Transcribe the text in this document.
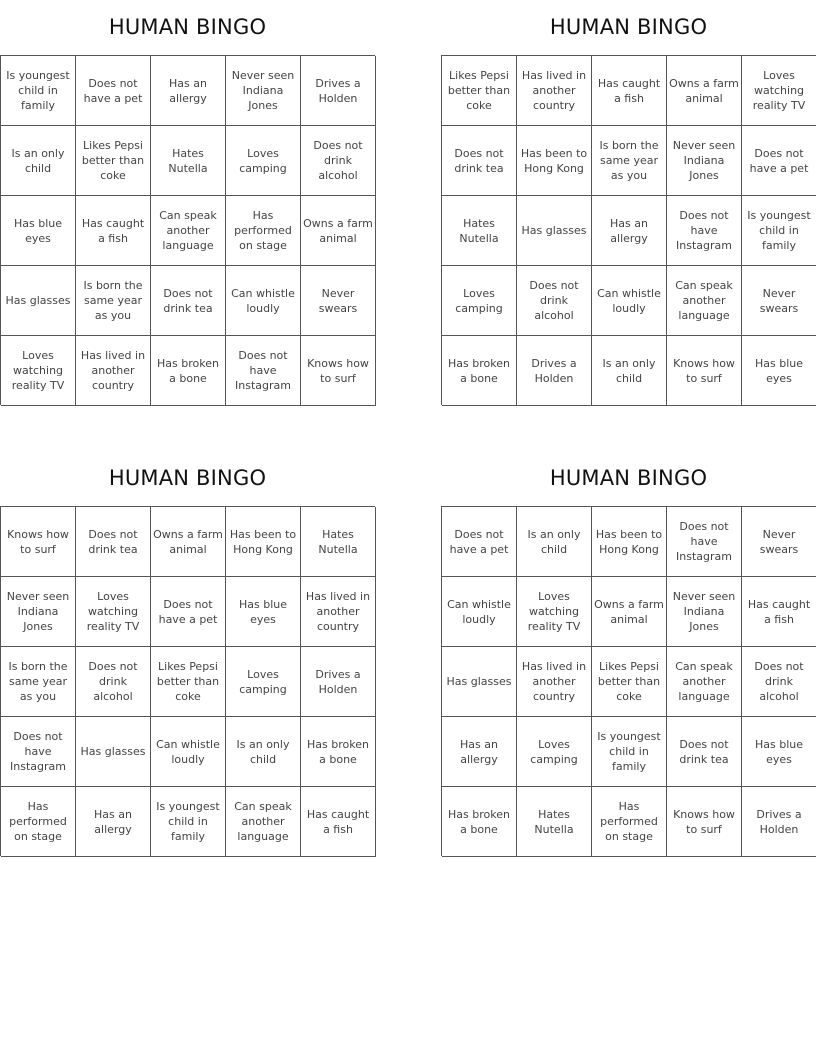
HUMAN BINGO
Is youngest child in family
Does not have a pet
Has an allergy
Never seen Indiana Jones
Drives a Holden
Is an only child
Likes Pepsi better than coke
Hates Nutella
Loves camping
Does not drink alcohol
Has blue eyes
Has caught a fish
Can speak another language
Has performed on stage
Owns a farm animal
Has glasses
Is born the same year as you
Does not drink tea
Can whistle loudly
Never swears
Loves watching reality TV
Has lived in another country
Has broken a bone
Does not have Instagram
Knows how to surf
HUMAN BINGO
Likes Pepsi better than coke
Has lived in another country
Has caught a fish
Owns a farm animal
Loves watching reality TV
Does not drink tea
Has been to Hong Kong
Is born the same year as you
Never seen Indiana Jones
Does not have a pet
Hates Nutella
Has glasses
Has an allergy
Does not have Instagram
Is youngest child in family
Loves camping
Does not drink alcohol
Can whistle loudly
Can speak another language
Never swears
Has broken a bone
Drives a Holden
Is an only child
Knows how to surf
Has blue eyes
HUMAN BINGO
Knows how to surf
Does not drink tea
Owns a farm animal
Has been to Hong Kong
Hates Nutella
Never seen Indiana Jones
Loves watching reality TV
Does not have a pet
Has blue eyes
Has lived in another country
Is born the same year as you
Does not drink alcohol
Likes Pepsi better than coke
Loves camping
Drives a Holden
Does not have Instagram
Has glasses
Can whistle loudly
Is an only child
Has broken a bone
Has performed on stage
Has an allergy
Is youngest child in family
Can speak another language
Has caught a fish
HUMAN BINGO
Does not have a pet
Is an only child
Has been to Hong Kong
Does not have Instagram
Never swears
Can whistle loudly
Loves watching reality TV
Owns a farm animal
Never seen Indiana Jones
Has caught a fish
Has glasses
Has lived in another country
Likes Pepsi better than coke
Can speak another language
Does not drink alcohol
Has an allergy
Loves camping
Is youngest child in family
Does not drink tea
Has blue eyes
Has broken a bone
Hates Nutella
Has performed on stage
Knows how to surf
Drives a Holden
